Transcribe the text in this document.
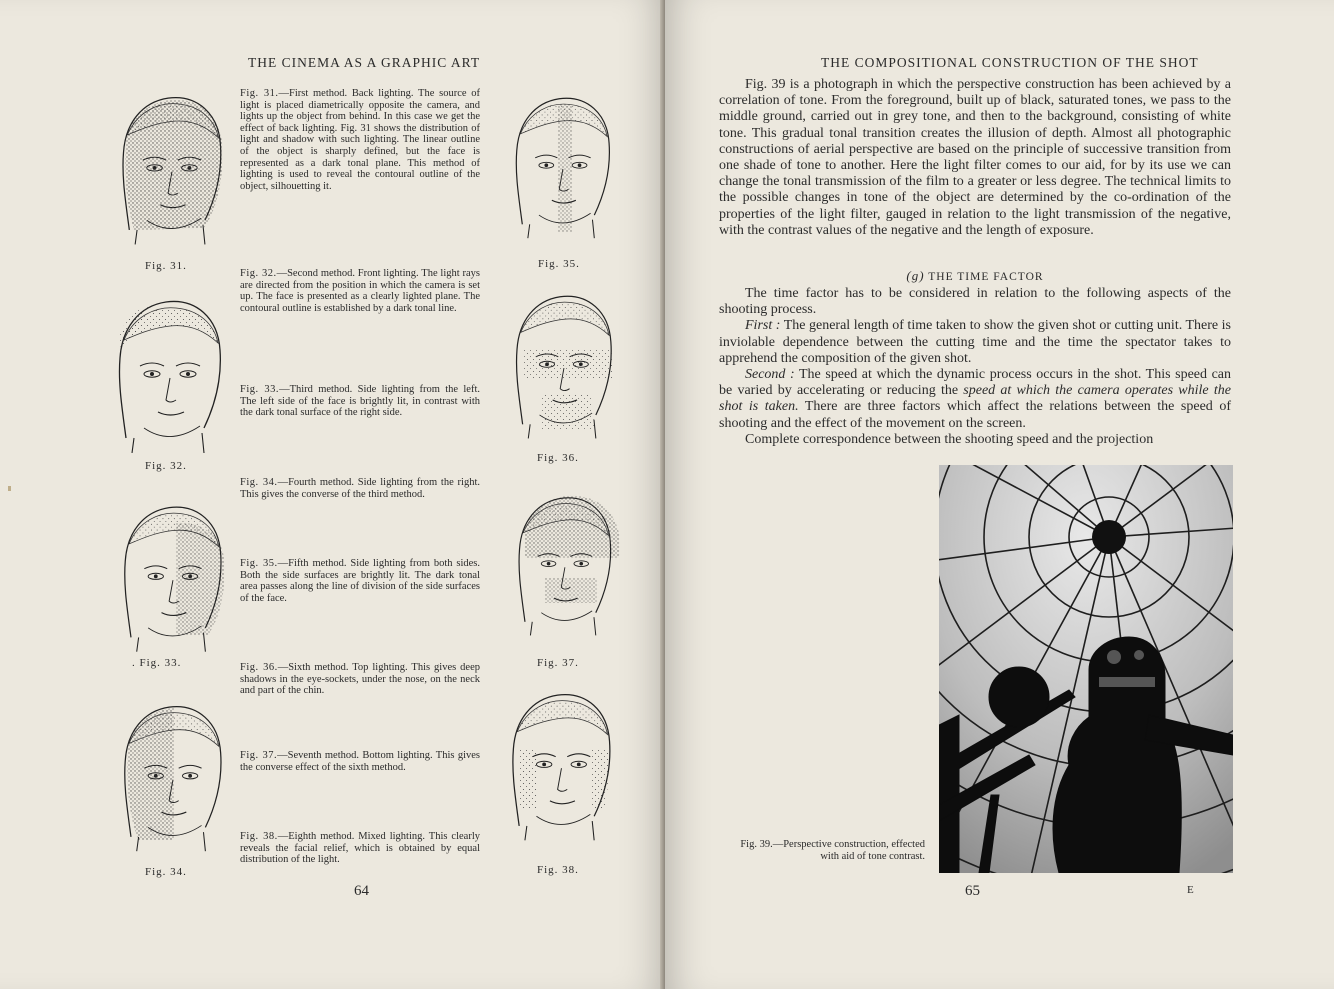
THE CINEMA AS A GRAPHIC ART
Fig. 31.
Fig. 32.
. Fig. 33.
Fig. 34.
Fig. 35.
Fig. 36.
Fig. 37.
Fig. 38.
Fig. 31.—First method. Back lighting. The source of light is placed diametrically opposite the camera, and lights up the object from behind. In this case we get the effect of back lighting. Fig. 31 shows the distribution of light and shadow with such lighting. The linear outline of the object is sharply defined, but the face is represented as a dark tonal plane. This method of lighting is used to reveal the contoural outline of the object, silhouetting it.
Fig. 32.—Second method. Front lighting. The light rays are directed from the position in which the camera is set up. The face is presented as a clearly lighted plane. The contoural outline is established by a dark tonal line.
Fig. 33.—Third method. Side lighting from the left. The left side of the face is brightly lit, in contrast with the dark tonal surface of the right side.
Fig. 34.—Fourth method. Side lighting from the right. This gives the converse of the third method.
Fig. 35.—Fifth method. Side lighting from both sides. Both the side surfaces are brightly lit. The dark tonal area passes along the line of division of the side surfaces of the face.
Fig. 36.—Sixth method. Top lighting. This gives deep shadows in the eye-sockets, under the nose, on the neck and part of the chin.
Fig. 37.—Seventh method. Bottom lighting. This gives the converse effect of the sixth method.
Fig. 38.—Eighth method. Mixed lighting. This clearly reveals the facial relief, which is obtained by equal distribution of the light.
64
THE COMPOSITIONAL CONSTRUCTION OF THE SHOT

Fig. 39 is a photograph in which the perspective construction has been achieved by a correlation of tone. From the foreground, built up of black, saturated tones, we pass to the middle ground, carried out in grey tone, and then to the background, consisting of white tone. This gradual tonal transition creates the illusion of depth. Almost all photographic constructions of aerial perspective are based on the principle of successive transition from one shade of tone to another. Here the light filter comes to our aid, for by its use we can change the tonal transmission of the film to a greater or less degree. The technical limits to the possible changes in tone of the object are determined by the co-ordination of the properties of the light filter, gauged in relation to the light transmission of the negative, with the contrast values of the negative and the length of exposure.

(g) THE TIME FACTOR

The time factor has to be considered in relation to the following aspects of the shooting process.

First : The general length of time taken to show the given shot or cutting unit. There is inviolable dependence between the cutting time and the time the spectator takes to apprehend the composition of the given shot.

Second : The speed at which the dynamic process occurs in the shot. This speed can be varied by accelerating or reducing the speed at which the camera operates while the shot is taken. There are three factors which affect the relations between the speed of shooting and the effect of the movement on the screen.

Complete correspondence between the shooting speed and the projection

Fig. 39.—Perspective construction, effected with aid of tone contrast.
65	E
